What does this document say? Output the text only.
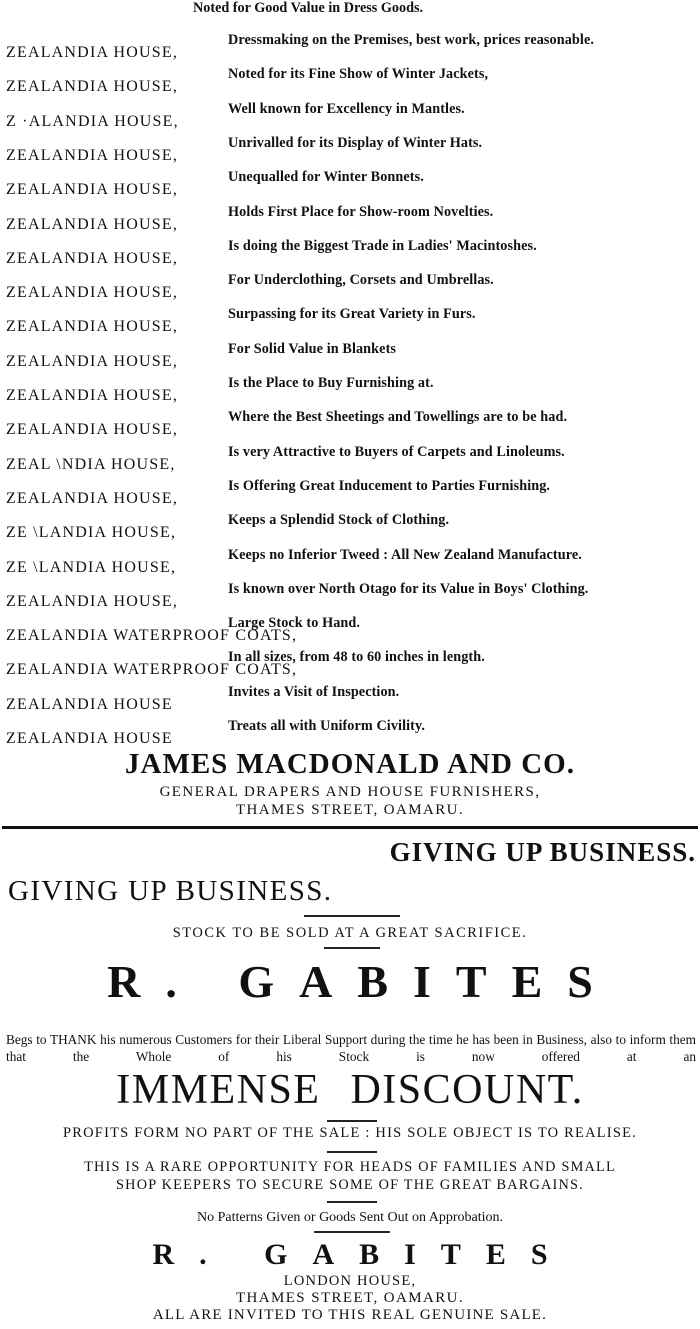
Noted for Good Value in Dress Goods.
ZEALANDIA HOUSE,
Dressmaking on the Premises, best work, prices reasonable.
ZEALANDIA HOUSE,
Noted for its Fine Show of Winter Jackets,
Z ·ALANDIA HOUSE,
Well known for Excellency in Mantles.
ZEALANDIA HOUSE,
Unrivalled for its Display of Winter Hats.
ZEALANDIA HOUSE,
Unequalled for Winter Bonnets.
ZEALANDIA HOUSE,
Holds First Place for Show-room Novelties.
ZEALANDIA HOUSE,
Is doing the Biggest Trade in Ladies' Macintoshes.
ZEALANDIA HOUSE,
For Underclothing, Corsets and Umbrellas.
ZEALANDIA HOUSE,
Surpassing for its Great Variety in Furs.
ZEALANDIA HOUSE,
For Solid Value in Blankets
ZEALANDIA HOUSE,
Is the Place to Buy Furnishing at.
ZEALANDIA HOUSE,
Where the Best Sheetings and Towellings are to be had.
ZEAL \NDIA HOUSE,
Is very Attractive to Buyers of Carpets and Linoleums.
ZEALANDIA HOUSE,
Is Offering Great Inducement to Parties Furnishing.
ZE \LANDIA HOUSE,
Keeps a Splendid Stock of Clothing.
ZE \LANDIA HOUSE,
Keeps no Inferior Tweed : All New Zealand Manufacture.
ZEALANDIA HOUSE,
Is known over North Otago for its Value in Boys' Clothing.
ZEALANDIA WATERPROOF COATS,
Large Stock to Hand.
ZEALANDIA WATERPROOF COATS,
In all sizes, from 48 to 60 inches in length.
ZEALANDIA HOUSE
Invites a Visit of Inspection.
ZEALANDIA HOUSE
Treats all with Uniform Civility.
JAMES MACDONALD AND CO.
GENERAL DRAPERS AND HOUSE FURNISHERS,
THAMES STREET, OAMARU.
GIVING UP BUSINESS.
GIVING UP BUSINESS.
STOCK TO BE SOLD AT A GREAT SACRIFICE.
R. GABITES
Begs to THANK his numerous Customers for their Liberal Support during the time he has been in Business, also to inform them that the Whole of his Stock is now offered at an
IMMENSE DISCOUNT.
PROFITS FORM NO PART OF THE SALE : HIS SOLE OBJECT IS TO REALISE.
THIS IS A RARE OPPORTUNITY FOR HEADS OF FAMILIES AND SMALL
SHOP KEEPERS TO SECURE SOME OF THE GREAT BARGAINS.
No Patterns Given or Goods Sent Out on Approbation.
R. GABITES
LONDON HOUSE,
THAMES STREET, OAMARU.
ALL ARE INVITED TO THIS REAL GENUINE SALE.
